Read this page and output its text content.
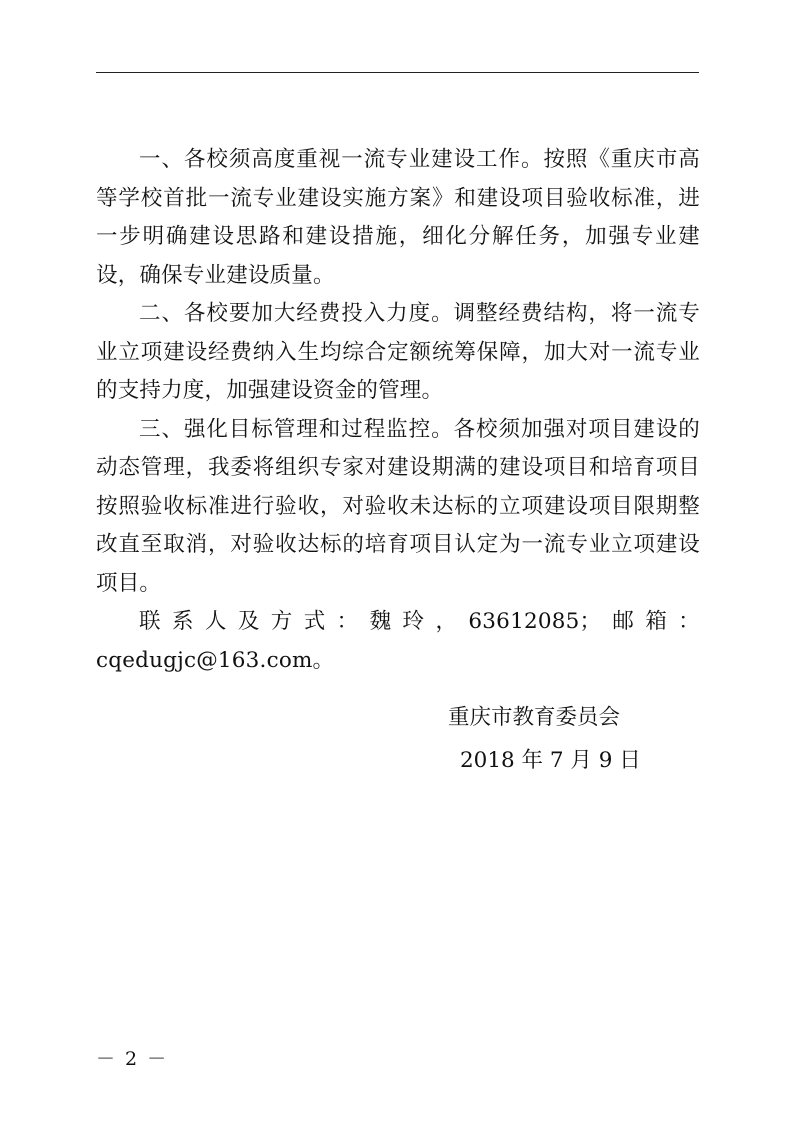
一、各校须高度重视一流专业建设工作。按照《重庆市高等学校首批一流专业建设实施方案》和建设项目验收标准，进一步明确建设思路和建设措施，细化分解任务，加强专业建设，确保专业建设质量。

二、各校要加大经费投入力度。调整经费结构，将一流专业立项建设经费纳入生均综合定额统筹保障，加大对一流专业的支持力度，加强建设资金的管理。

三、强化目标管理和过程监控。各校须加强对项目建设的动态管理，我委将组织专家对建设期满的建设项目和培育项目按照验收标准进行验收，对验收未达标的立项建设项目限期整改直至取消，对验收达标的培育项目认定为一流专业立项建设项目。

联系人及方式：魏玲，63612085；邮箱：cqedugjc@163.com。

重庆市教育委员会
2018 年 7 月 9 日
－ 2 －
